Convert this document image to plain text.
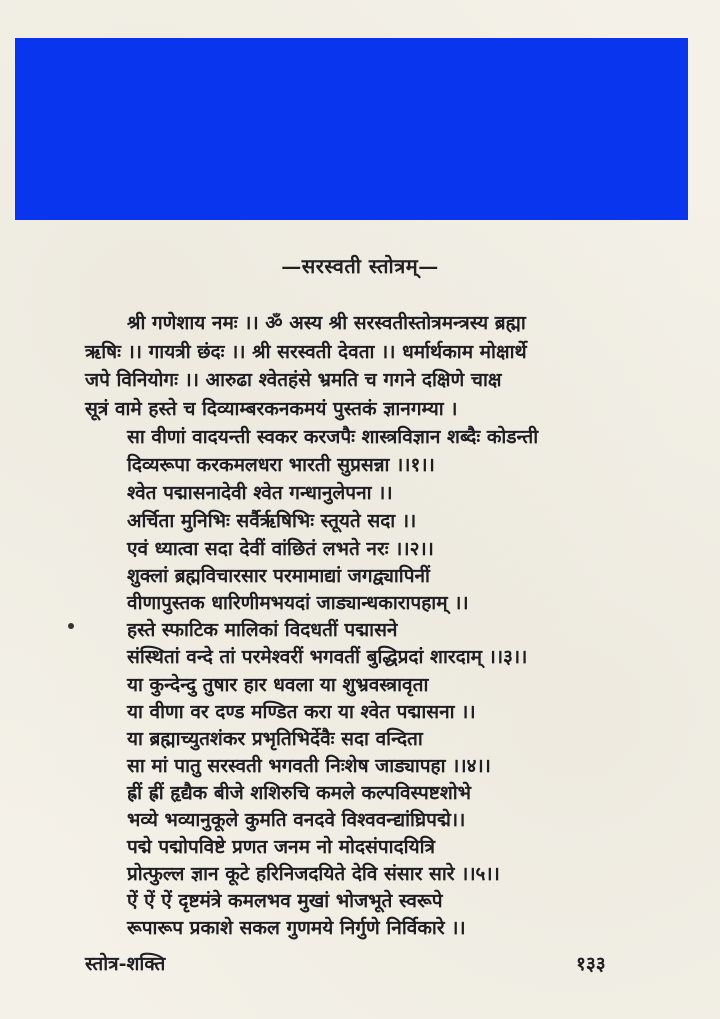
—सरस्वती स्तोत्रम्—
श्री गणेशाय नमः ।। ॐ अस्य श्री सरस्वतीस्तोत्रमन्त्रस्य ब्रह्मा
ऋषिः ।। गायत्री छंदः ।। श्री सरस्वती देवता ।। धर्मार्थकाम मोक्षार्थे
जपे विनियोगः ।। आरुढा श्वेतहंसे भ्रमति च गगने दक्षिणे चाक्ष
सूत्रं वामे हस्ते च दिव्याम्बरकनकमयं पुस्तकं ज्ञानगम्या ।
सा वीणां वादयन्ती स्वकर करजपैः शास्त्रविज्ञान शब्दैः कोडन्ती
दिव्यरूपा करकमलधरा भारती सुप्रसन्ना ।।१।।
श्वेत पद्मासनादेवी श्वेत गन्धानुलेपना ।।
अर्चिता मुनिभिः सर्वैर्ऋषिभिः स्तूयते सदा ।।
एवं ध्यात्वा सदा देवीं वांछितं लभते नरः ।।२।।
शुक्लां ब्रह्मविचारसार परमामाद्यां जगद्व्यापिनीं
वीणापुस्तक धारिणीमभयदां जाड्यान्धकारापहाम् ।।
हस्ते स्फाटिक मालिकां विदधतीं पद्मासने
संस्थितां वन्दे तां परमेश्वरीं भगवतीं बुद्धिप्रदां शारदाम् ।।३।।
या कुन्देन्दु तुषार हार धवला या शुभ्रवस्त्रावृता
या वीणा वर दण्ड मण्डित करा या श्वेत पद्मासना ।।
या ब्रह्माच्युतशंकर प्रभृतिभिर्देवैः सदा वन्दिता
सा मां पातु सरस्वती भगवती निःशेष जाड्यापहा ।।४।।
ह्रीं ह्रीं हृद्यैक बीजे शशिरुचि कमले कल्पविस्पष्टशोभे
भव्ये भव्यानुकूले कुमति वनदवे विश्ववन्द्यांघ्रिपद्मे।।
पद्मे पद्मोपविष्टे प्रणत जनम नो मोदसंपादयित्रि
प्रोत्फुल्ल ज्ञान कूटे हरिनिजदयिते देवि संसार सारे ।।५।।
ऐं ऐं ऐं दृष्टमंत्रे कमलभव मुखां भोजभूते स्वरूपे
रूपारूप प्रकाशे सकल गुणमये निर्गुणे निर्विकारे ।।
स्तोत्र-शक्ति	१३३
